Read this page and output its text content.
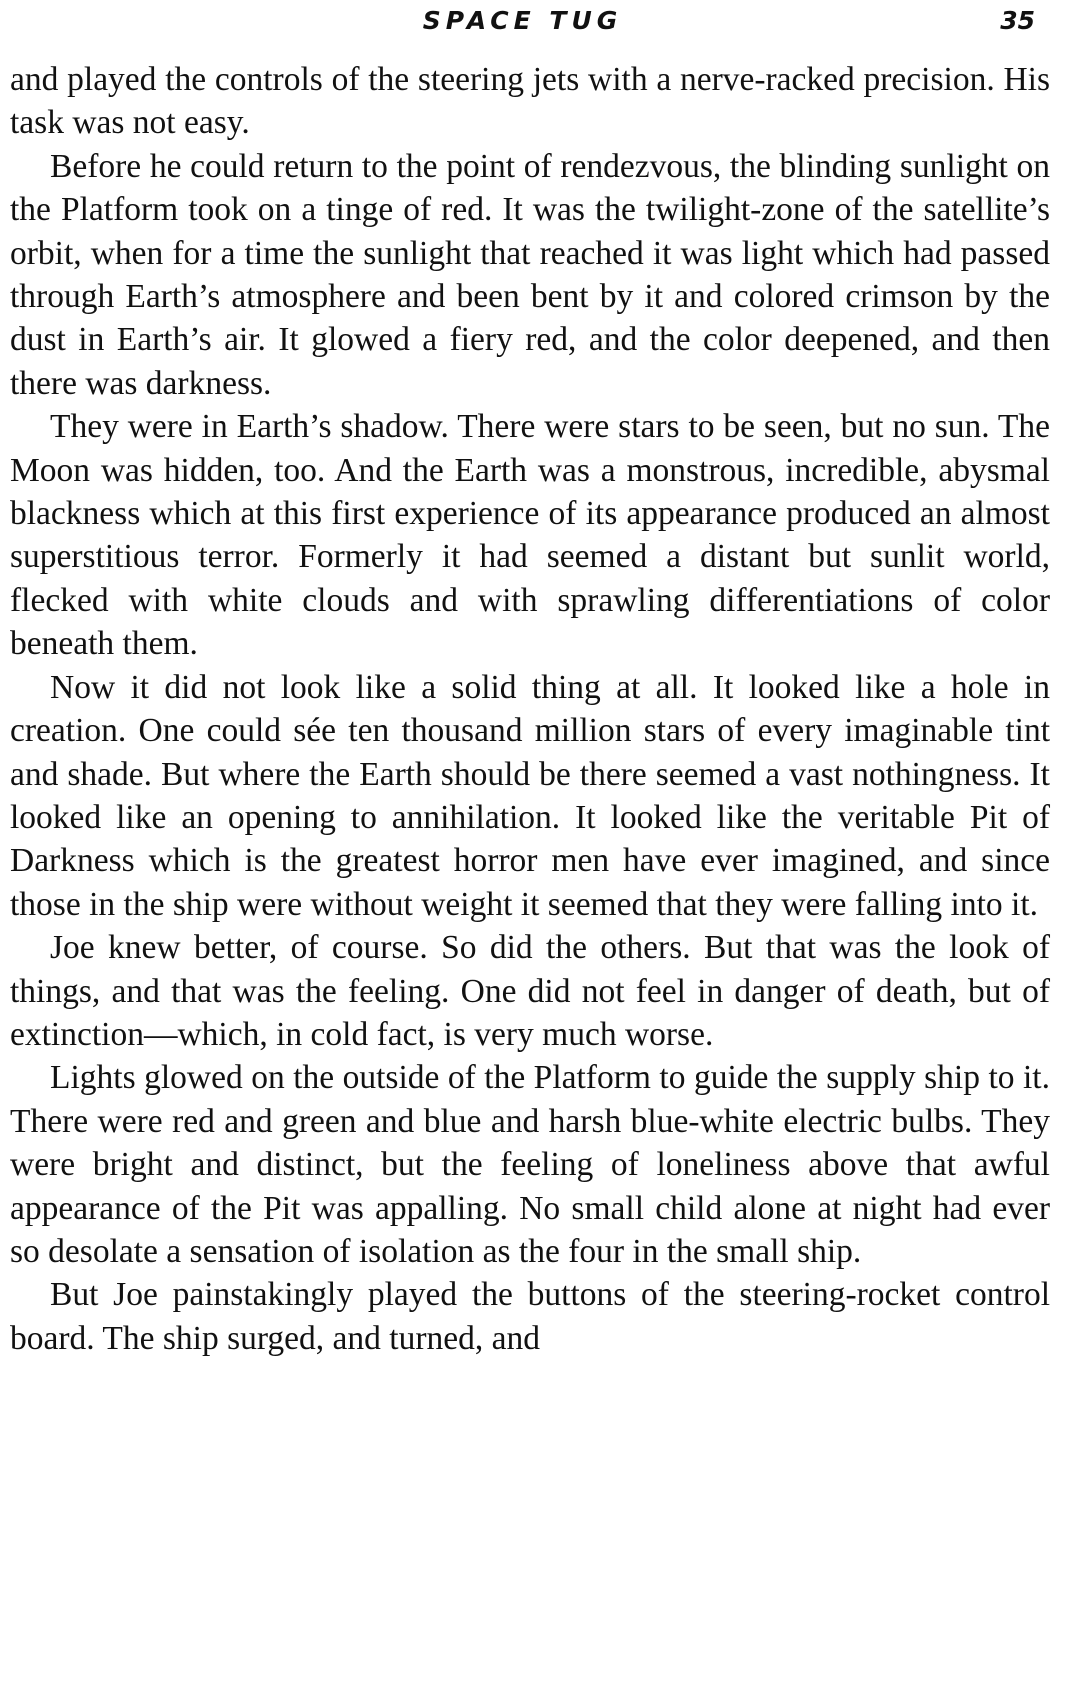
SPACE TUG	35

and played the controls of the steering jets with a nerve-racked precision. His task was not easy.

Before he could return to the point of rendezvous, the blinding sunlight on the Platform took on a tinge of red. It was the twilight-zone of the satellite’s orbit, when for a time the sunlight that reached it was light which had passed through Earth’s atmosphere and been bent by it and colored crimson by the dust in Earth’s air. It glowed a fiery red, and the color deepened, and then there was darkness.

They were in Earth’s shadow. There were stars to be seen, but no sun. The Moon was hidden, too. And the Earth was a monstrous, incredible, abysmal blackness which at this first experience of its appearance produced an almost superstitious terror. Formerly it had seemed a distant but sunlit world, flecked with white clouds and with sprawling differentiations of color beneath them.

Now it did not look like a solid thing at all. It looked like a hole in creation. One could sée ten thousand million stars of every imaginable tint and shade. But where the Earth should be there seemed a vast nothingness. It looked like an opening to annihilation. It looked like the veritable Pit of Darkness which is the greatest horror men have ever imagined, and since those in the ship were without weight it seemed that they were falling into it.

Joe knew better, of course. So did the others. But that was the look of things, and that was the feeling. One did not feel in danger of death, but of extinction—which, in cold fact, is very much worse.

Lights glowed on the outside of the Platform to guide the supply ship to it. There were red and green and blue and harsh blue-white electric bulbs. They were bright and distinct, but the feeling of loneliness above that awful appearance of the Pit was appalling. No small child alone at night had ever so desolate a sensation of isolation as the four in the small ship.

But Joe painstakingly played the buttons of the steering-rocket control board. The ship surged, and turned, and
